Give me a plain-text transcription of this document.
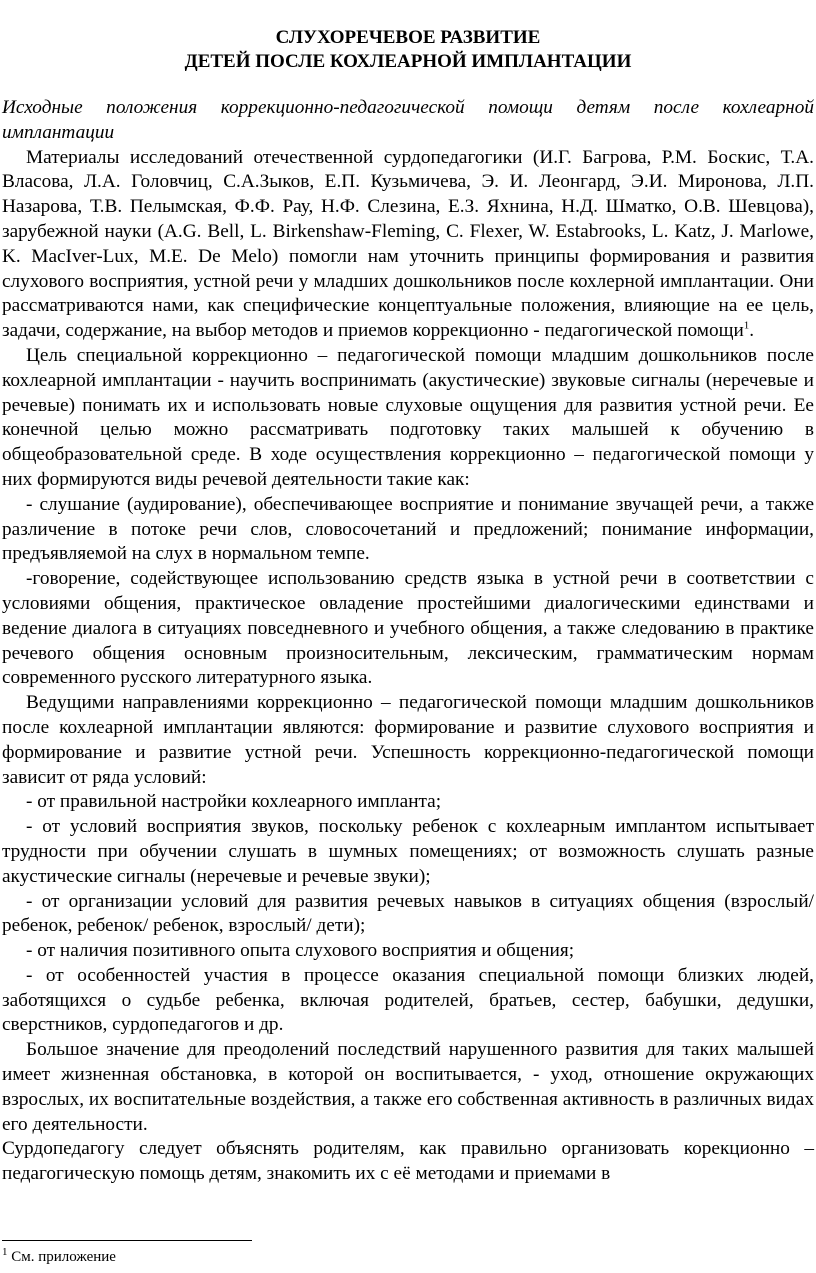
СЛУХОРЕЧЕВОЕ РАЗВИТИЕ
ДЕТЕЙ ПОСЛЕ КОХЛЕАРНОЙ ИМПЛАНТАЦИИ

Исходные положения коррекционно-педагогической помощи детям после кохлеарной имплантации

Материалы исследований отечественной сурдопедагогики (И.Г. Багрова, Р.М. Боскис, Т.А. Власова, Л.А. Головчиц, С.А.Зыков, Е.П. Кузьмичева, Э. И. Леонгард, Э.И. Миронова, Л.П. Назарова, Т.В. Пелымская, Ф.Ф. Рау, Н.Ф. Слезина, Е.З. Яхнина, Н.Д. Шматко, О.В. Шевцова), зарубежной науки (A.G. Bell, L. Birkenshaw-Fleming, C. Flexer, W. Estabrooks, L. Katz, J. Marlowe, K. MacIver-Lux, M.E. De Melo) помогли нам уточнить принципы формирования и развития слухового восприятия, устной речи у младших дошкольников после кохлерной имплантации. Они рассматриваются нами, как специфические концептуальные положения, влияющие на ее цель, задачи, содержание, на выбор методов и приемов коррекционно - педагогической помощи$^1$.

Цель специальной коррекционно – педагогической помощи младшим дошкольников после кохлеарной имплантации - научить воспринимать (акустические) звуковые сигналы (неречевые и речевые) понимать их и использовать новые слуховые ощущения для развития устной речи. Ее конечной целью можно рассматривать подготовку таких малышей к обучению в общеобразовательной среде. В ходе осуществления коррекционно – педагогической помощи у них формируются виды речевой деятельности такие как:

- слушание (аудирование), обеспечивающее восприятие и понимание звучащей речи, а также различение в потоке речи слов, словосочетаний и предложений; понимание информации, предъявляемой на слух в нормальном темпе.

-говорение, содействующее использованию средств языка в устной речи в соответствии с условиями общения, практическое овладение простейшими диалогическими единствами и ведение диалога в ситуациях повседневного и учебного общения, а также следованию в практике речевого общения основным произносительным, лексическим, грамматическим нормам современного русского литературного языка.

Ведущими направлениями коррекционно – педагогической помощи младшим дошкольников после кохлеарной имплантации являются: формирование и развитие слухового восприятия и формирование и развитие устной речи. Успешность коррекционно-педагогической помощи зависит от ряда условий:

- от правильной настройки кохлеарного импланта;

- от условий восприятия звуков, поскольку ребенок с кохлеарным имплантом испытывает трудности при обучении слушать в шумных помещениях; от возможность слушать разные акустические сигналы (неречевые и речевые звуки);

- от организации условий для развития речевых навыков в ситуациях общения (взрослый/ ребенок, ребенок/ ребенок, взрослый/ дети);

- от наличия позитивного опыта слухового восприятия и общения;

- от особенностей участия в процессе оказания специальной помощи близких людей, заботящихся о судьбе ребенка, включая родителей, братьев, сестер, бабушки, дедушки, сверстников, сурдопедагогов и др.

Большое значение для преодолений последствий нарушенного развития для таких малышей имеет жизненная обстановка, в которой он воспитывается, - уход, отношение окружающих взрослых, их воспитательные воздействия, а также его собственная активность в различных видах его деятельности.

Сурдопедагогу следует объяснять родителям, как правильно организовать корекционно – педагогическую помощь детям, знакомить их с её методами и приемами в

$^1$ См. приложение
